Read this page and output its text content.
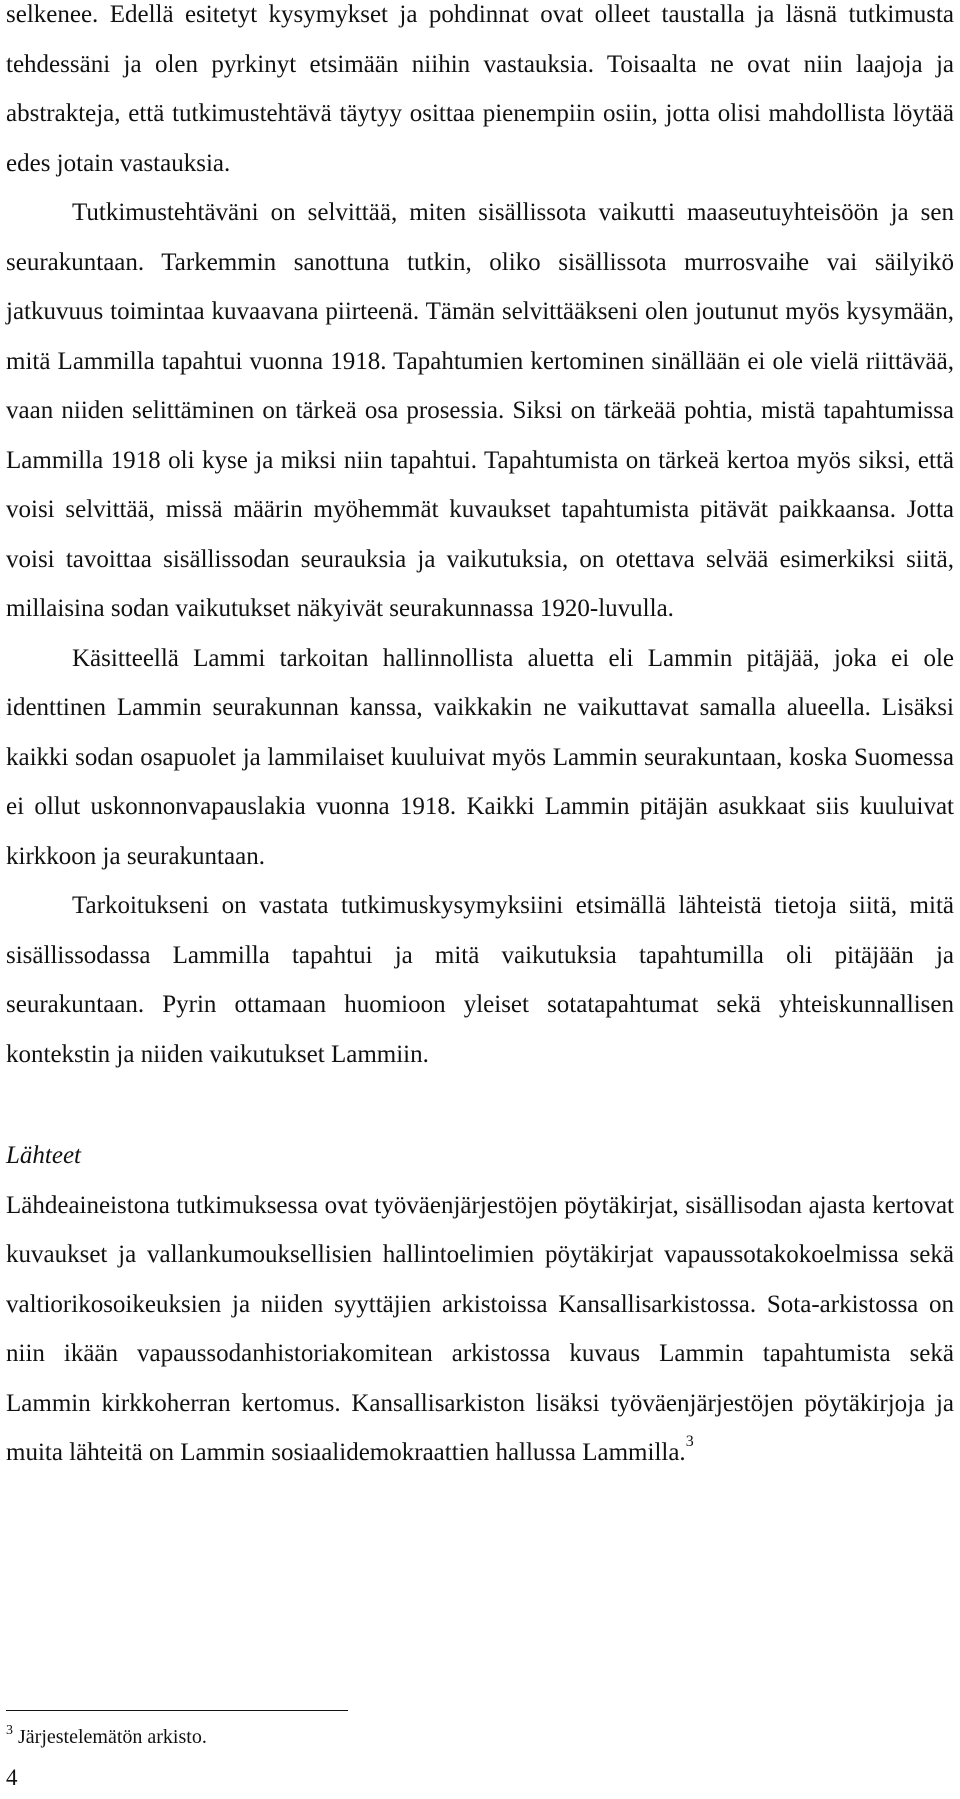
selkenee. Edellä esitetyt kysymykset ja pohdinnat ovat olleet taustalla ja läsnä tutkimusta tehdessäni ja olen pyrkinyt etsimään niihin vastauksia. Toisaalta ne ovat niin laajoja ja abstrakteja, että tutkimustehtävä täytyy osittaa pienempiin osiin, jotta olisi mahdollista löytää edes jotain vastauksia.

Tutkimustehtäväni on selvittää, miten sisällissota vaikutti maaseutuyhteisöön ja sen seurakuntaan. Tarkemmin sanottuna tutkin, oliko sisällissota murrosvaihe vai säilyikö jatkuvuus toimintaa kuvaavana piirteenä. Tämän selvittääkseni olen joutunut myös kysymään, mitä Lammilla tapahtui vuonna 1918. Tapahtumien kertominen sinällään ei ole vielä riittävää, vaan niiden selittäminen on tärkeä osa prosessia. Siksi on tärkeää pohtia, mistä tapahtumissa Lammilla 1918 oli kyse ja miksi niin tapahtui. Tapahtumista on tärkeä kertoa myös siksi, että voisi selvittää, missä määrin myöhemmät kuvaukset tapahtumista pitävät paikkaansa. Jotta voisi tavoittaa sisällissodan seurauksia ja vaikutuksia, on otettava selvää esimerkiksi siitä, millaisina sodan vaikutukset näkyivät seurakunnassa 1920-luvulla.

Käsitteellä Lammi tarkoitan hallinnollista aluetta eli Lammin pitäjää, joka ei ole identtinen Lammin seurakunnan kanssa, vaikkakin ne vaikuttavat samalla alueella. Lisäksi kaikki sodan osapuolet ja lammilaiset kuuluivat myös Lammin seurakuntaan, koska Suomessa ei ollut uskonnonvapauslakia vuonna 1918. Kaikki Lammin pitäjän asukkaat siis kuuluivat kirkkoon ja seurakuntaan.

Tarkoitukseni on vastata tutkimuskysymyksiini etsimällä lähteistä tietoja siitä, mitä sisällissodassa Lammilla tapahtui ja mitä vaikutuksia tapahtumilla oli pitäjään ja seurakuntaan. Pyrin ottamaan huomioon yleiset sotatapahtumat sekä yhteiskunnallisen kontekstin ja niiden vaikutukset Lammiin.

Lähteet

Lähdeaineistona tutkimuksessa ovat työväenjärjestöjen pöytäkirjat, sisällisodan ajasta kertovat kuvaukset ja vallankumouksellisien hallintoelimien pöytäkirjat vapaussotakokoelmissa sekä valtiorikosoikeuksien ja niiden syyttäjien arkistoissa Kansallisarkistossa. Sota-arkistossa on niin ikään vapaussodanhistoriakomitean arkistossa kuvaus Lammin tapahtumista sekä Lammin kirkkoherran kertomus. Kansallisarkiston lisäksi työväenjärjestöjen pöytäkirjoja ja muita lähteitä on Lammin sosiaalidemokraattien hallussa Lammilla.$^3$

$^3$ Järjestelemätön arkisto.
4
